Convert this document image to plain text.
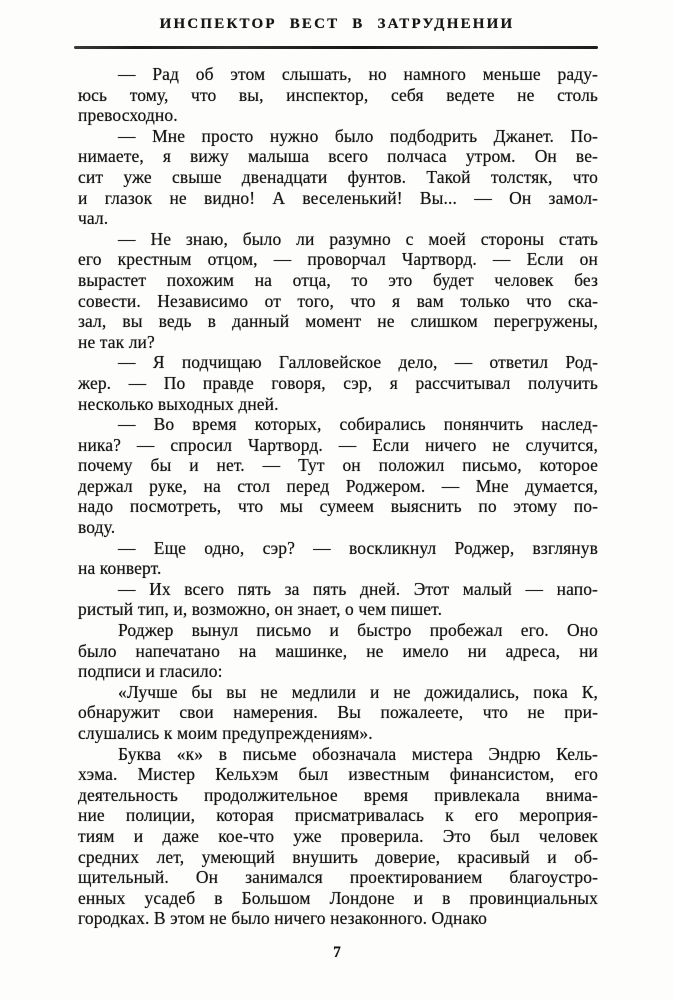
ИНСПЕКТОР ВЕСТ В ЗАТРУДНЕНИИ
— Рад об этом слышать, но намного меньше раду-
юсь тому, что вы, инспектор, себя ведете не столь
превосходно.
— Мне просто нужно было подбодрить Джанет. По-
нимаете, я вижу малыша всего полчаса утром. Он ве-
сит уже свыше двенадцати фунтов. Такой толстяк, что
и глазок не видно! А веселенький! Вы... — Он замол-
чал.
— Не знаю, было ли разумно с моей стороны стать
его крестным отцом, — проворчал Чартворд. — Если он
вырастет похожим на отца, то это будет человек без
совести. Независимо от того, что я вам только что ска-
зал, вы ведь в данный момент не слишком перегружены,
не так ли?
— Я подчищаю Галловейское дело, — ответил Род-
жер. — По правде говоря, сэр, я рассчитывал получить
несколько выходных дней.
— Во время которых, собирались понянчить наслед-
ника? — спросил Чартворд. — Если ничего не случится,
почему бы и нет. — Тут он положил письмо, которое
держал руке, на стол перед Роджером. — Мне думается,
надо посмотреть, что мы сумеем выяснить по этому по-
воду.
— Еще одно, сэр? — воскликнул Роджер, взглянув
на конверт.
— Их всего пять за пять дней. Этот малый — напо-
ристый тип, и, возможно, он знает, о чем пишет.
Роджер вынул письмо и быстро пробежал его. Оно
было напечатано на машинке, не имело ни адреса, ни
подписи и гласило:
«Лучше бы вы не медлили и не дожидались, пока К,
обнаружит свои намерения. Вы пожалеете, что не при-
слушались к моим предупреждениям».
Буква «к» в письме обозначала мистера Эндрю Кель-
хэма. Мистер Кельхэм был известным финансистом, его
деятельность продолжительное время привлекала внима-
ние полиции, которая присматривалась к его мероприя-
тиям и даже кое-что уже проверила. Это был человек
средних лет, умеющий внушить доверие, красивый и об-
щительный. Он занимался проектированием благоустро-
енных усадеб в Большом Лондоне и в провинциальных
городках. В этом не было ничего незаконного. Однако
7
